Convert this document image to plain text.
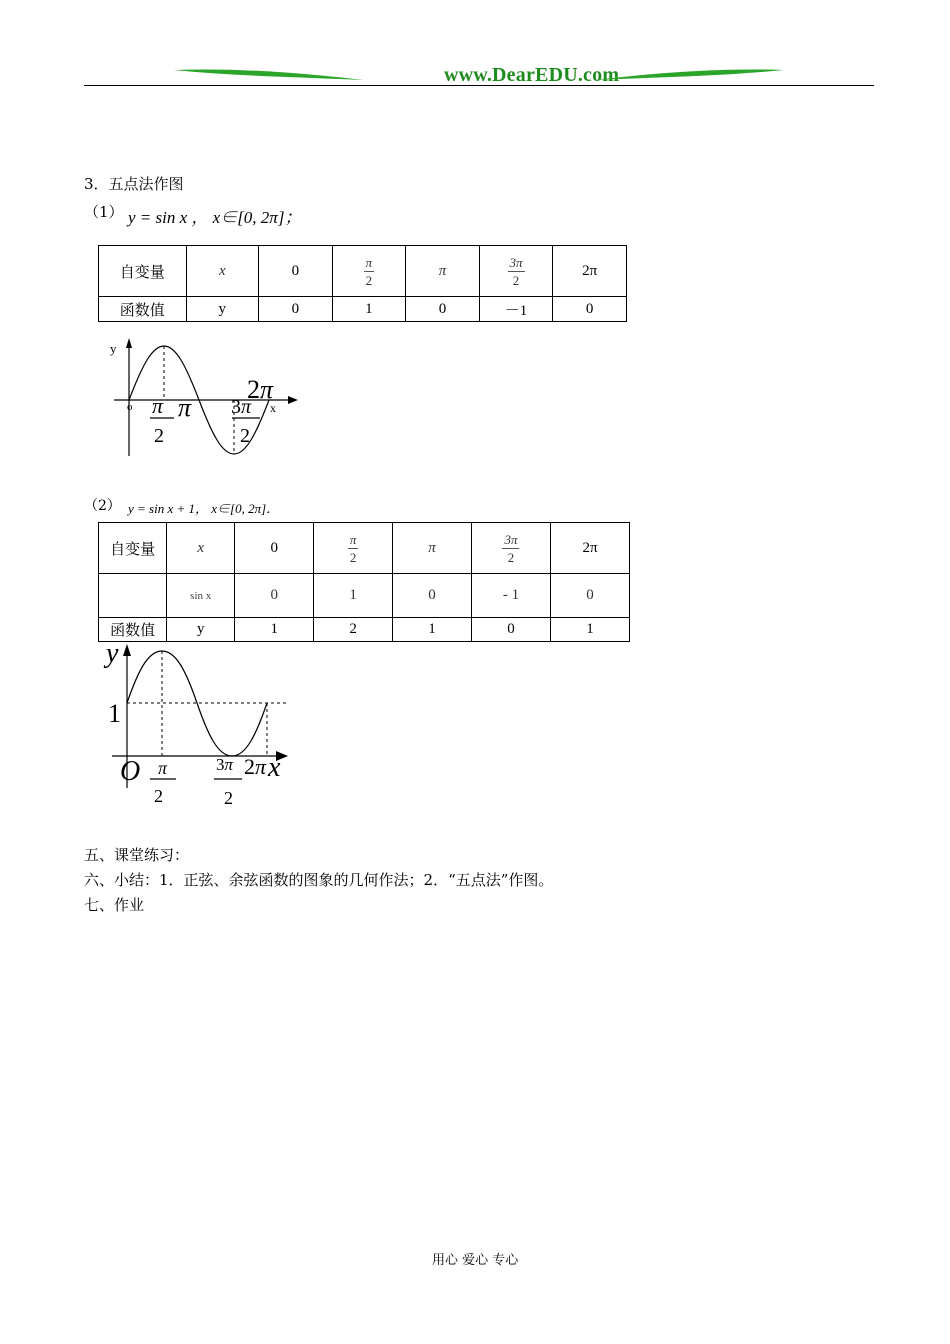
www.DearEDU.com
3．五点法作图
（1） y = sin x ， x∈[0, 2π]；
自变量	x	0	$\frac{\pi}{2}$	π	$\frac{3\pi}{2}$	2π
函数值	y	0	1	0	－1	0
y
x
o π
2
π 3π
2
2π
（2） y = sin x + 1， x∈[0, 2π]．
自变量	x	0	$\frac{\pi}{2}$	π	$\frac{3\pi}{2}$	2π
	sin x	0	1	0	- 1	0
函数值	y	1	2	1	0	1
y
1
O π
2
3π
2
2π x
五、课堂练习：
六、小结：1．正弦、余弦函数的图象的几何作法；2．“五点法”作图。
七、作业
用心 爱心 专心
